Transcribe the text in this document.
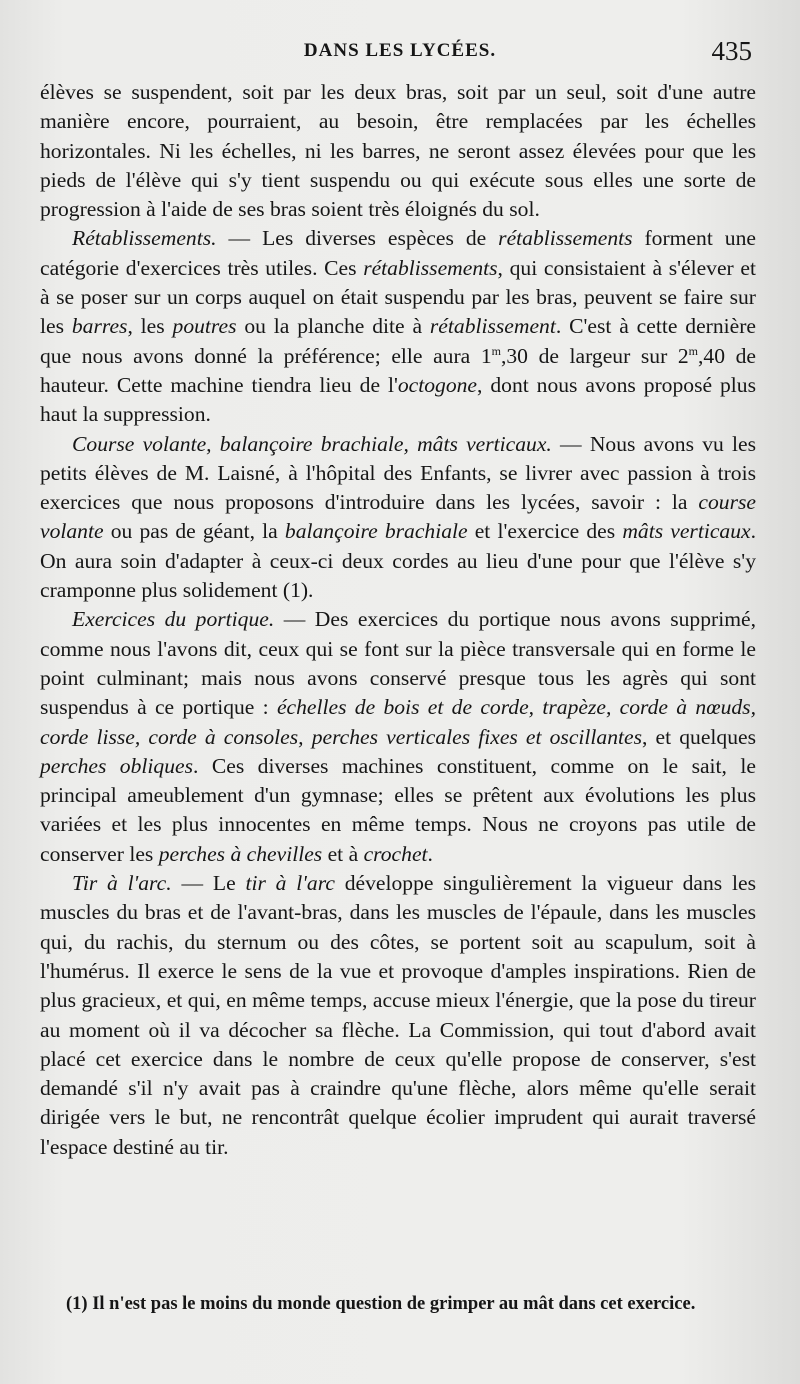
DANS LES LYCÉES.	435

élèves se suspendent, soit par les deux bras, soit par un seul, soit d'une autre manière encore, pourraient, au besoin, être remplacées par les échelles horizontales. Ni les échelles, ni les barres, ne seront assez élevées pour que les pieds de l'élève qui s'y tient suspendu ou qui exécute sous elles une sorte de progression à l'aide de ses bras soient très éloignés du sol.

Rétablissements. — Les diverses espèces de rétablissements forment une catégorie d'exercices très utiles. Ces rétablissements, qui consistaient à s'élever et à se poser sur un corps auquel on était suspendu par les bras, peuvent se faire sur les barres, les poutres ou la planche dite à rétablissement. C'est à cette dernière que nous avons donné la préférence; elle aura 1$^m$,30 de largeur sur 2$^m$,40 de hauteur. Cette machine tiendra lieu de l'octogone, dont nous avons proposé plus haut la suppression.

Course volante, balançoire brachiale, mâts verticaux. — Nous avons vu les petits élèves de M. Laisné, à l'hôpital des Enfants, se livrer avec passion à trois exercices que nous proposons d'introduire dans les lycées, savoir : la course volante ou pas de géant, la balançoire brachiale et l'exercice des mâts verticaux. On aura soin d'adapter à ceux-ci deux cordes au lieu d'une pour que l'élève s'y cramponne plus solidement (1).

Exercices du portique. — Des exercices du portique nous avons supprimé, comme nous l'avons dit, ceux qui se font sur la pièce transversale qui en forme le point culminant; mais nous avons conservé presque tous les agrès qui sont suspendus à ce portique : échelles de bois et de corde, trapèze, corde à nœuds, corde lisse, corde à consoles, perches verticales fixes et oscillantes, et quelques perches obliques. Ces diverses machines constituent, comme on le sait, le principal ameublement d'un gymnase; elles se prêtent aux évolutions les plus variées et les plus innocentes en même temps. Nous ne croyons pas utile de conserver les perches à chevilles et à crochet.

Tir à l'arc. — Le tir à l'arc développe singulièrement la vigueur dans les muscles du bras et de l'avant-bras, dans les muscles de l'épaule, dans les muscles qui, du rachis, du sternum ou des côtes, se portent soit au scapulum, soit à l'humérus. Il exerce le sens de la vue et provoque d'amples inspirations. Rien de plus gracieux, et qui, en même temps, accuse mieux l'énergie, que la pose du tireur au moment où il va décocher sa flèche. La Commission, qui tout d'abord avait placé cet exercice dans le nombre de ceux qu'elle propose de conserver, s'est demandé s'il n'y avait pas à craindre qu'une flèche, alors même qu'elle serait dirigée vers le but, ne rencontrât quelque écolier imprudent qui aurait traversé l'espace destiné au tir.

(1) Il n'est pas le moins du monde question de grimper au mât dans cet exercice.
